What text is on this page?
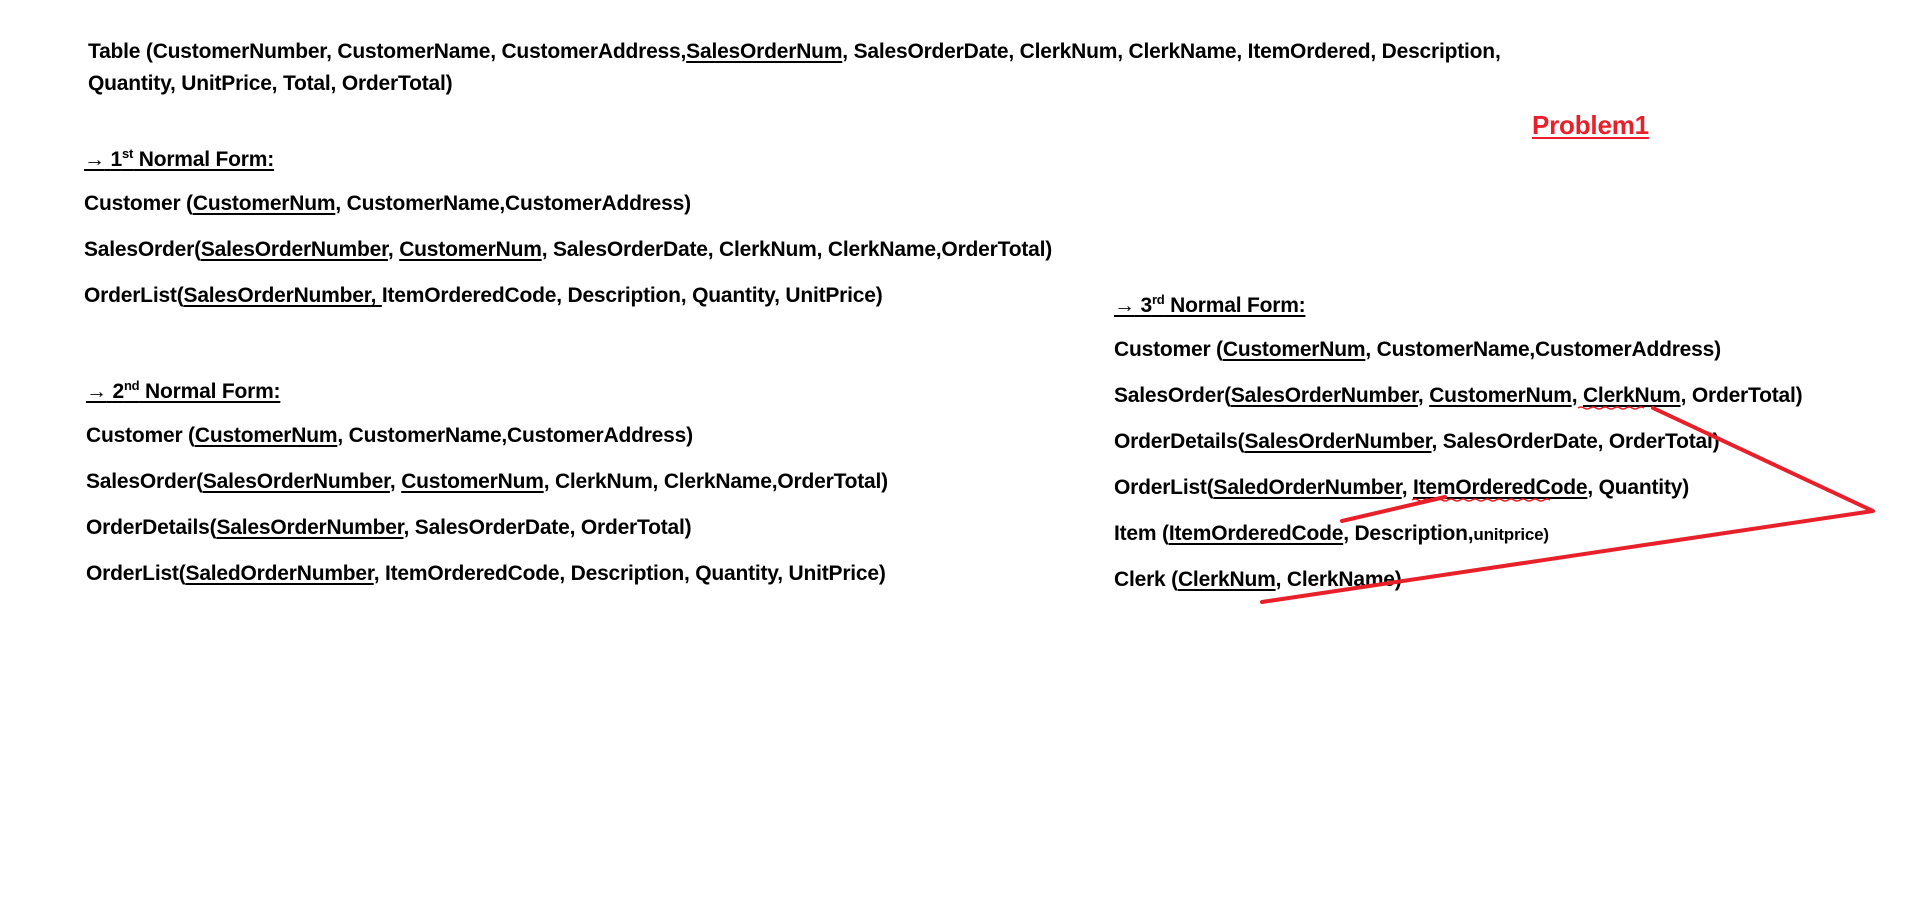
Table (CustomerNumber, CustomerName, CustomerAddress,SalesOrderNum, SalesOrderDate, ClerkNum, ClerkName, ItemOrdered, Description,
Quantity, UnitPrice, Total, OrderTotal)
Problem1
→ 1st Normal Form:
Customer (CustomerNum, CustomerName,CustomerAddress)
SalesOrder(SalesOrderNumber, CustomerNum, SalesOrderDate, ClerkNum, ClerkName,OrderTotal)
OrderList(SalesOrderNumber, ItemOrderedCode, Description, Quantity, UnitPrice)
→ 2nd Normal Form:
Customer (CustomerNum, CustomerName,CustomerAddress)
SalesOrder(SalesOrderNumber, CustomerNum, ClerkNum, ClerkName,OrderTotal)
OrderDetails(SalesOrderNumber, SalesOrderDate, OrderTotal)
OrderList(SaledOrderNumber, ItemOrderedCode, Description, Quantity, UnitPrice)
→ 3rd Normal Form:
Customer (CustomerNum, CustomerName,CustomerAddress)
SalesOrder(SalesOrderNumber, CustomerNum, ClerkNum, OrderTotal)
OrderDetails(SalesOrderNumber, SalesOrderDate, OrderTotal)
OrderList(SaledOrderNumber, ItemOrderedCode, Quantity)
Item (ItemOrderedCode, Description,unitprice)
Clerk (ClerkNum, ClerkName)
